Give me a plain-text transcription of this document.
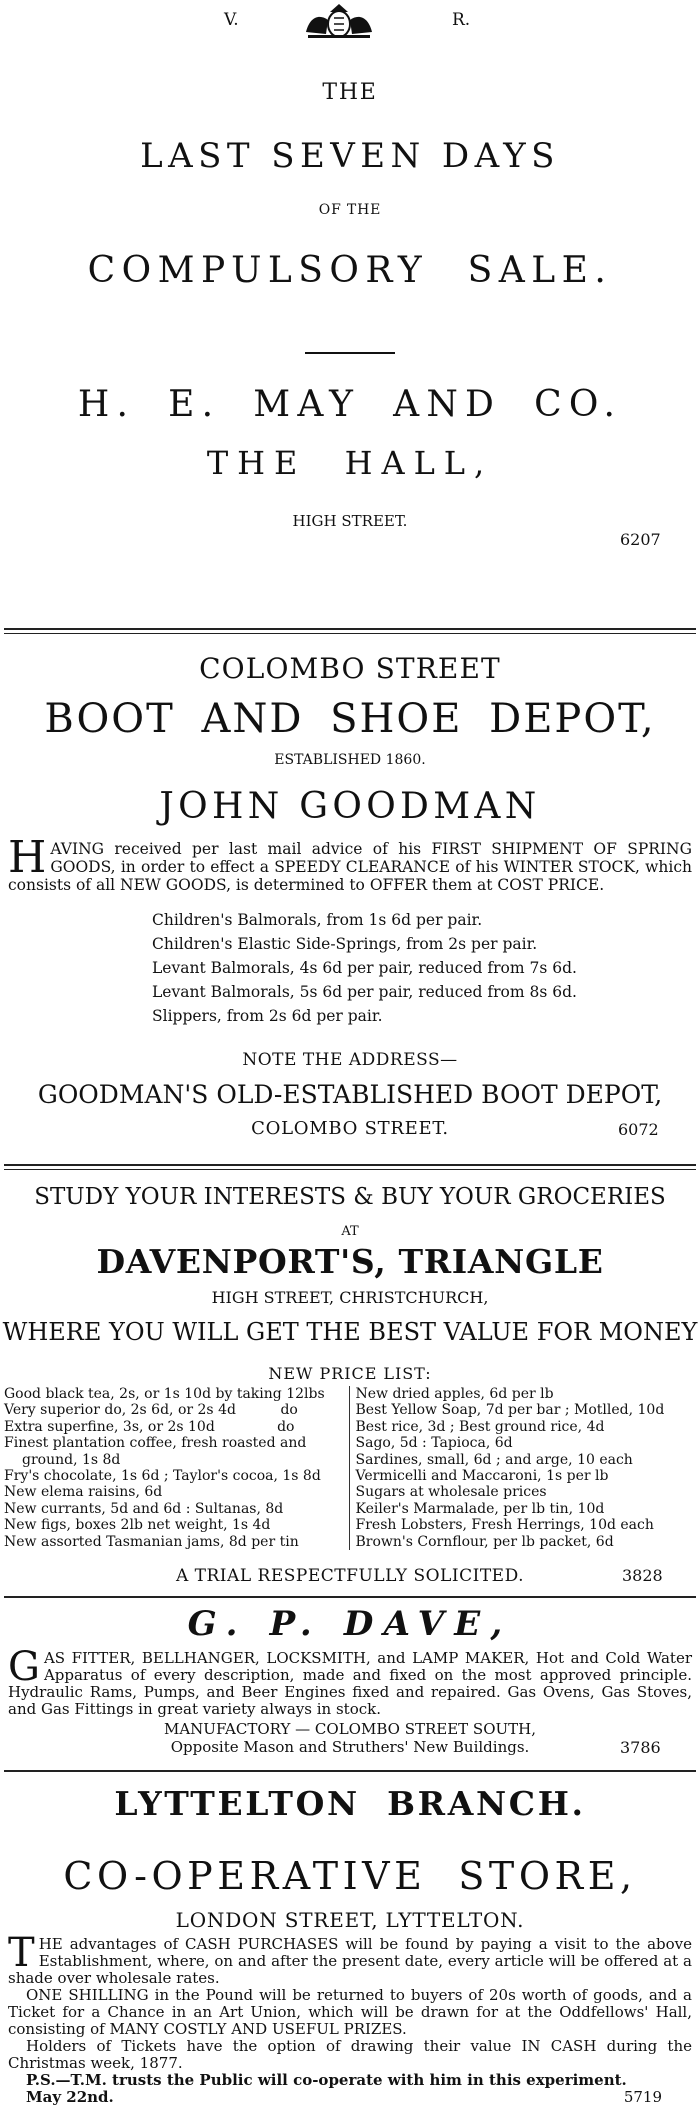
V.	R.
THE
LAST SEVEN DAYS
OF THE
COMPULSORY SALE.
H. E. MAY AND CO.
THE HALL,
HIGH STREET.
6207
COLOMBO STREET
BOOT AND SHOE DEPOT,
ESTABLISHED 1860.
JOHN GOODMAN

HAVING received per last mail advice of his FIRST SHIPMENT OF SPRING GOODS, in order to effect a SPEEDY CLEARANCE of his WINTER STOCK, which consists of all NEW GOODS, is determined to OFFER them at COST PRICE.

Children's Balmorals, from 1s 6d per pair.
Children's Elastic Side-Springs, from 2s per pair.
Levant Balmorals, 4s 6d per pair, reduced from 7s 6d.
Levant Balmorals, 5s 6d per pair, reduced from 8s 6d.
Slippers, from 2s 6d per pair.
NOTE THE ADDRESS—
GOODMAN'S OLD-ESTABLISHED BOOT DEPOT,
COLOMBO STREET.	6072
STUDY YOUR INTERESTS & BUY YOUR GROCERIES
AT
DAVENPORT'S, TRIANGLE
HIGH STREET, CHRISTCHURCH,
WHERE YOU WILL GET THE BEST VALUE FOR MONEY
NEW PRICE LIST:
Good black tea, 2s, or 1s 10d by taking 12lbs
Very superior do, 2s 6d, or 2s 4d          do
Extra superfine, 3s, or 2s 10d              do
Finest plantation coffee, fresh roasted and
ground, 1s 8d
Fry's chocolate, 1s 6d ; Taylor's cocoa, 1s 8d
New elema raisins, 6d
New currants, 5d and 6d : Sultanas, 8d
New figs, boxes 2lb net weight, 1s 4d
New assorted Tasmanian jams, 8d per tin
New dried apples, 6d per lb
Best Yellow Soap, 7d per bar ; Motlled, 10d
Best rice, 3d ; Best ground rice, 4d
Sago, 5d : Tapioca, 6d
Sardines, small, 6d ; and arge, 10 each
Vermicelli and Maccaroni, 1s per lb
Sugars at wholesale prices
Keiler's Marmalade, per lb tin, 10d
Fresh Lobsters, Fresh Herrings, 10d each
Brown's Cornflour, per lb packet, 6d
A TRIAL RESPECTFULLY SOLICITED.	3828
G. P. DAVE,

GAS FITTER, BELLHANGER, LOCKSMITH, and LAMP MAKER, Hot and Cold Water Apparatus of every description, made and fixed on the most approved principle. Hydraulic Rams, Pumps, and Beer Engines fixed and repaired. Gas Ovens, Gas Stoves, and Gas Fittings in great variety always in stock.

MANUFACTORY — COLOMBO STREET SOUTH,
Opposite Mason and Struthers' New Buildings.	3786
LYTTELTON BRANCH.
CO-OPERATIVE STORE,
LONDON STREET, LYTTELTON.

THE advantages of CASH PURCHASES will be found by paying a visit to the above Establishment, where, on and after the present date, every article will be offered at a shade over wholesale rates.

ONE SHILLING in the Pound will be returned to buyers of 20s worth of goods, and a Ticket for a Chance in an Art Union, which will be drawn for at the Oddfellows' Hall, consisting of MANY COSTLY AND USEFUL PRIZES.

Holders of Tickets have the option of drawing their value IN CASH during the Christmas week, 1877.

P.S.—T.M. trusts the Public will co-operate with him in this experiment.

May 22nd.	5719
